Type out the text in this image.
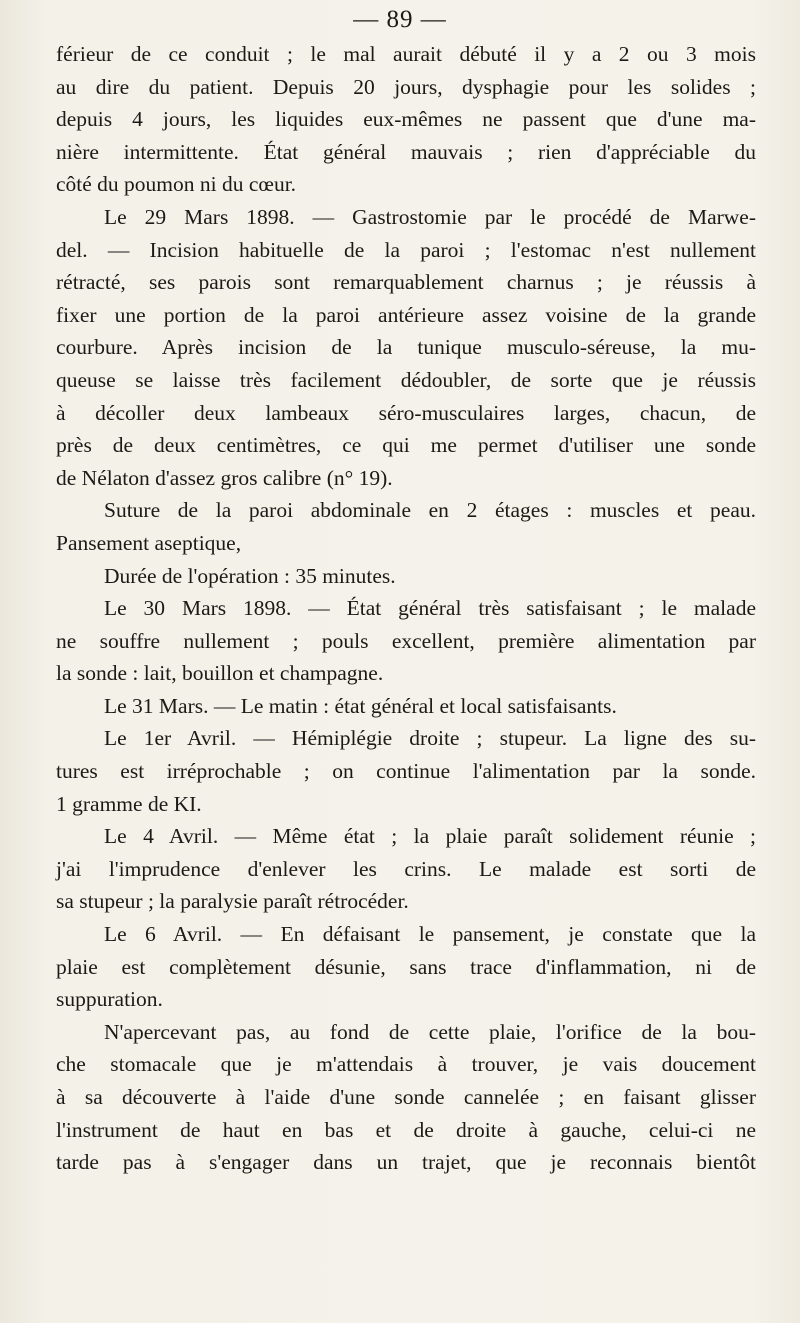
— 89 —
férieur de ce conduit ; le mal aurait débuté il y a 2 ou 3 mois
au dire du patient. Depuis 20 jours, dysphagie pour les solides ;
depuis 4 jours, les liquides eux-mêmes ne passent que d'une ma-
nière intermittente. État général mauvais ; rien d'appréciable du
côté du poumon ni du cœur.
Le 29 Mars 1898. — Gastrostomie par le procédé de Marwe-
del. — Incision habituelle de la paroi ; l'estomac n'est nullement
rétracté, ses parois sont remarquablement charnus ; je réussis à
fixer une portion de la paroi antérieure assez voisine de la grande
courbure. Après incision de la tunique musculo-séreuse, la mu-
queuse se laisse très facilement dédoubler, de sorte que je réussis
à décoller deux lambeaux séro-musculaires larges, chacun, de
près de deux centimètres, ce qui me permet d'utiliser une sonde
de Nélaton d'assez gros calibre (n° 19).
Suture de la paroi abdominale en 2 étages : muscles et peau.
Pansement aseptique,
Durée de l'opération : 35 minutes.
Le 30 Mars 1898. — État général très satisfaisant ; le malade
ne souffre nullement ; pouls excellent, première alimentation par
la sonde : lait, bouillon et champagne.
Le 31 Mars. — Le matin : état général et local satisfaisants.
Le 1er Avril. — Hémiplégie droite ; stupeur. La ligne des su-
tures est irréprochable ; on continue l'alimentation par la sonde.
1 gramme de KI.
Le 4 Avril. — Même état ; la plaie paraît solidement réunie ;
j'ai l'imprudence d'enlever les crins. Le malade est sorti de
sa stupeur ; la paralysie paraît rétrocéder.
Le 6 Avril. — En défaisant le pansement, je constate que la
plaie est complètement désunie, sans trace d'inflammation, ni de
suppuration.
N'apercevant pas, au fond de cette plaie, l'orifice de la bou-
che stomacale que je m'attendais à trouver, je vais doucement
à sa découverte à l'aide d'une sonde cannelée ; en faisant glisser
l'instrument de haut en bas et de droite à gauche, celui-ci ne
tarde pas à s'engager dans un trajet, que je reconnais bientôt
